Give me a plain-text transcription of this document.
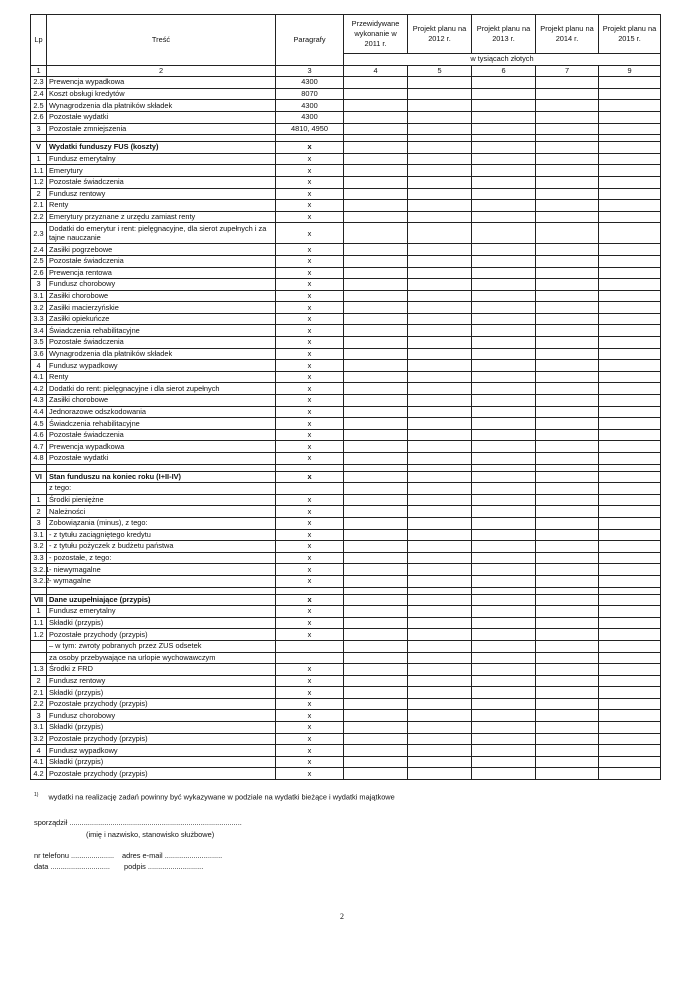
Lp	Treść	Paragrafy	Przewidywane wykonanie w 2011 r.	Projekt planu na 2012 r.	Projekt planu na 2013 r.	Projekt planu na 2014 r.	Projekt planu na 2015 r.
			w tysiącach złotych				
1	2	3	4	5	6	7	9
2.3	Prewencja wypadkowa	4300					
2.4	Koszt obsługi kredytów	8070					
2.5	Wynagrodzenia dla płatników składek	4300					
2.6	Pozostałe wydatki	4300					
3	Pozostałe zmniejszenia	4810, 4950					

V	Wydatki funduszy FUS (koszty)	x					
1	Fundusz emerytalny	x					
1.1	Emerytury	x					
1.2	Pozostałe świadczenia	x					
2	Fundusz rentowy	x					
2.1	Renty	x					
2.2	Emerytury przyznane z urzędu zamiast renty	x					
2.3	Dodatki do emerytur i rent: pielęgnacyjne, dla sierot zupełnych i za tajne nauczanie	x					
2.4	Zasiłki pogrzebowe	x					
2.5	Pozostałe świadczenia	x					
2.6	Prewencja rentowa	x					
3	Fundusz chorobowy	x					
3.1	Zasiłki chorobowe	x					
3.2	Zasiłki macierzyńskie	x					
3.3	Zasiłki opiekuńcze	x					
3.4	Świadczenia rehabilitacyjne	x					
3.5	Pozostałe świadczenia	x					
3.6	Wynagrodzenia dla płatników składek	x					
4	Fundusz wypadkowy	x					
4.1	Renty	x					
4.2	Dodatki do rent: pielęgnacyjne i dla sierot zupełnych	x					
4.3	Zasiłki chorobowe	x					
4.4	Jednorazowe odszkodowania	x					
4.5	Świadczenia rehabilitacyjne	x					
4.6	Pozostałe świadczenia	x					
4.7	Prewencja wypadkowa	x					
4.8	Pozostałe wydatki	x					

VI	Stan funduszu na koniec roku (I+II-IV)	x					
	z tego:						
1	Środki pieniężne	x					
2	Należności	x					
3	Zobowiązania (minus), z tego:	x					
3.1	- z tytułu zaciągniętego kredytu	x					
3.2	- z tytułu pożyczek z budżetu państwa	x					
3.3	- pozostałe, z tego:	x					
3.2.1	- niewymagalne	x					
3.2.2	- wymagalne	x					

VII	Dane uzupełniające (przypis)	x					
1	Fundusz emerytalny	x					
1.1	Składki (przypis)	x					
1.2	Pozostałe przychody (przypis)	x					
	– w tym: zwroty pobranych przez ZUS odsetek						
	za osoby przebywające na urlopie wychowawczym						
1.3	Środki z FRD	x					
2	Fundusz rentowy	x					
2.1	Składki (przypis)	x					
2.2	Pozostałe przychody (przypis)	x					
3	Fundusz chorobowy	x					
3.1	Składki (przypis)	x					
3.2	Pozostałe przychody (przypis)	x					
4	Fundusz wypadkowy	x					
4.1	Składki (przypis)	x					
4.2	Pozostałe przychody (przypis)	x					
$^{1)}$ wydatki na realizację zadań powinny być wykazywane w podziale na wydatki bieżące i wydatki majątkowe
sporządził ....................................................................................
(imię i nazwisko, stanowisko służbowe)
nr telefonu ..................... adres e-mail ............................
data ............................. podpis ...........................
2
